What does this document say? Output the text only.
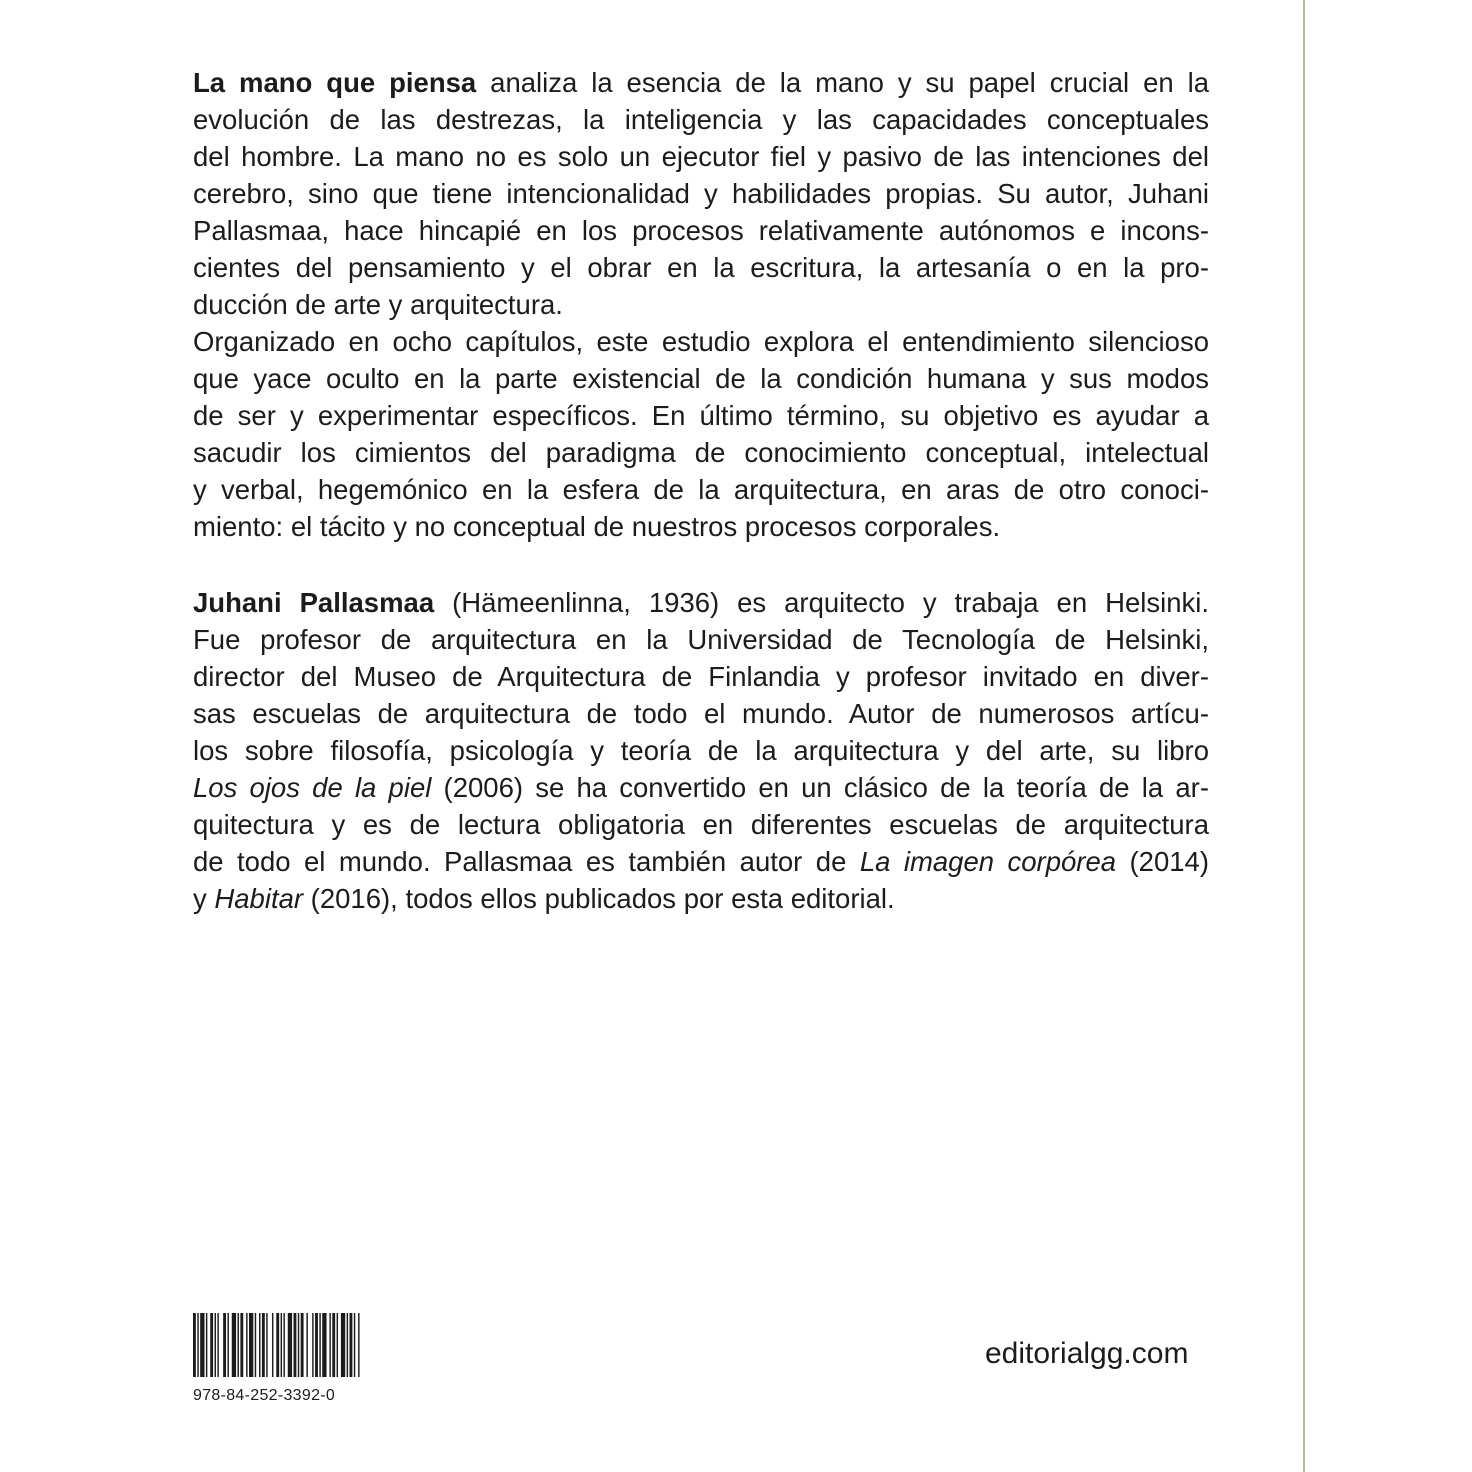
La mano que piensa analiza la esencia de la mano y su papel crucial en la
evolución de las destrezas, la inteligencia y las capacidades conceptuales
del hombre. La mano no es solo un ejecutor fiel y pasivo de las intenciones del
cerebro, sino que tiene intencionalidad y habilidades propias. Su autor, Juhani
Pallasmaa, hace hincapié en los procesos relativamente autónomos e incons-
cientes del pensamiento y el obrar en la escritura, la artesanía o en la pro-
ducción de arte y arquitectura.
Organizado en ocho capítulos, este estudio explora el entendimiento silencioso
que yace oculto en la parte existencial de la condición humana y sus modos
de ser y experimentar específicos. En último término, su objetivo es ayudar a
sacudir los cimientos del paradigma de conocimiento conceptual, intelectual
y verbal, hegemónico en la esfera de la arquitectura, en aras de otro conoci-
miento: el tácito y no conceptual de nuestros procesos corporales.
Juhani Pallasmaa (Hämeenlinna, 1936) es arquitecto y trabaja en Helsinki.
Fue profesor de arquitectura en la Universidad de Tecnología de Helsinki,
director del Museo de Arquitectura de Finlandia y profesor invitado en diver-
sas escuelas de arquitectura de todo el mundo. Autor de numerosos artícu-
los sobre filosofía, psicología y teoría de la arquitectura y del arte, su libro
Los ojos de la piel (2006) se ha convertido en un clásico de la teoría de la ar-
quitectura y es de lectura obligatoria en diferentes escuelas de arquitectura
de todo el mundo. Pallasmaa es también autor de La imagen corpórea (2014)
y Habitar (2016), todos ellos publicados por esta editorial.

978-84-252-3392-0

editorialgg.com
